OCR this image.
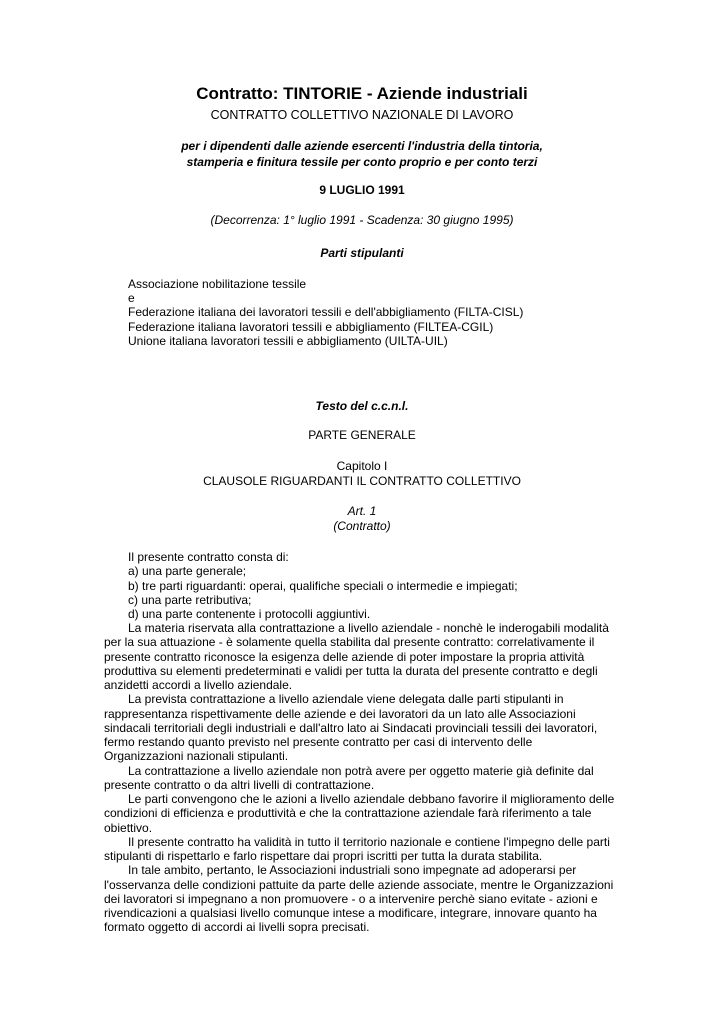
Contratto: TINTORIE - Aziende industriali
CONTRATTO COLLETTIVO NAZIONALE DI LAVORO
per i dipendenti dalle aziende esercenti l'industria della tintoria,
stamperia e finitura tessile per conto proprio e per conto terzi
9 LUGLIO 1991
(Decorrenza: 1° luglio 1991 - Scadenza: 30 giugno 1995)
Parti stipulanti
Associazione nobilitazione tessile
e
Federazione italiana dei lavoratori tessili e dell'abbigliamento (FILTA-CISL)
Federazione italiana lavoratori tessili e abbigliamento (FILTEA-CGIL)
Unione italiana lavoratori tessili e abbigliamento (UILTA-UIL)
Testo del c.c.n.l.
PARTE GENERALE
Capitolo I
CLAUSOLE RIGUARDANTI IL CONTRATTO COLLETTIVO
Art. 1
(Contratto)
Il presente contratto consta di:
a) una parte generale;
b) tre parti riguardanti: operai, qualifiche speciali o intermedie e impiegati;
c) una parte retributiva;
d) una parte contenente i protocolli aggiuntivi.
La materia riservata alla contrattazione a livello aziendale - nonchè le inderogabili modalità
per la sua attuazione - è solamente quella stabilita dal presente contratto: correlativamente il
presente contratto riconosce la esigenza delle aziende di poter impostare la propria attività
produttiva su elementi predeterminati e validi per tutta la durata del presente contratto e degli
anzidetti accordi a livello aziendale.
La prevista contrattazione a livello aziendale viene delegata dalle parti stipulanti in
rappresentanza rispettivamente delle aziende e dei lavoratori da un lato alle Associazioni
sindacali territoriali degli industriali e dall'altro lato ai Sindacati provinciali tessili dei lavoratori,
fermo restando quanto previsto nel presente contratto per casi di intervento delle
Organizzazioni nazionali stipulanti.
La contrattazione a livello aziendale non potrà avere per oggetto materie già definite dal
presente contratto o da altri livelli di contrattazione.
Le parti convengono che le azioni a livello aziendale debbano favorire il miglioramento delle
condizioni di efficienza e produttività e che la contrattazione aziendale farà riferimento a tale
obiettivo.
Il presente contratto ha validità in tutto il territorio nazionale e contiene l'impegno delle parti
stipulanti di rispettarlo e farlo rispettare dai propri iscritti per tutta la durata stabilita.
In tale ambito, pertanto, le Associazioni industriali sono impegnate ad adoperarsi per
l'osservanza delle condizioni pattuite da parte delle aziende associate, mentre le Organizzazioni
dei lavoratori si impegnano a non promuovere - o a intervenire perchè siano evitate - azioni e
rivendicazioni a qualsiasi livello comunque intese a modificare, integrare, innovare quanto ha
formato oggetto di accordi ai livelli sopra precisati.
